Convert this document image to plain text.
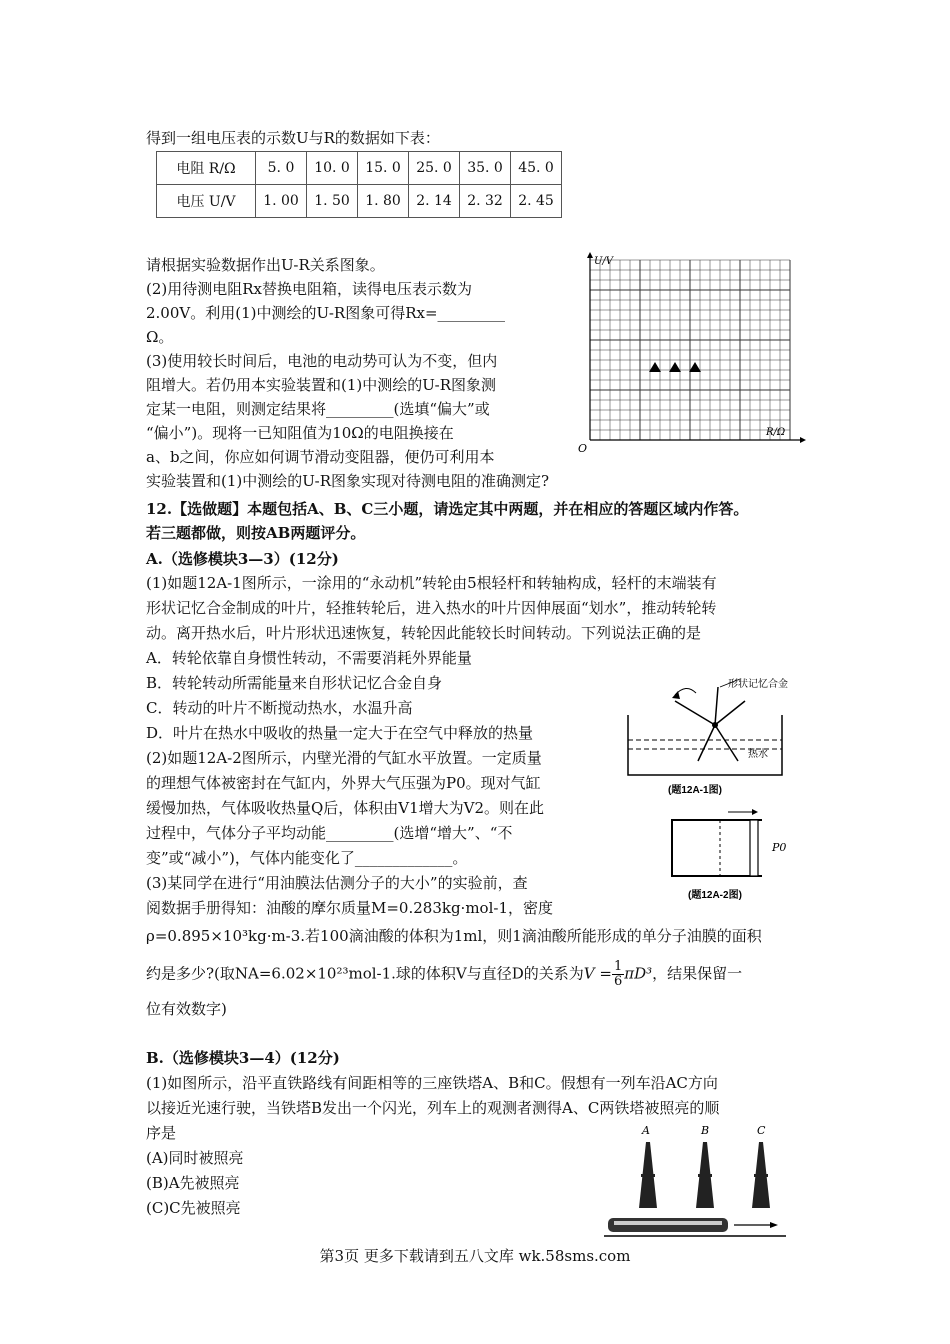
得到一组电压表的示数U与R的数据如下表：
电阻 R/Ω	5. 0	10. 0	15. 0	25. 0	35. 0	45. 0
电压 U/V	1. 00	1. 50	1. 80	2. 14	2. 32	2. 45
请根据实验数据作出U-R关系图象。
(2)用待测电阻Rx替换电阻箱，读得电压表示数为
2.00V。利用(1)中测绘的U-R图象可得Rx=_________
Ω。
(3)使用较长时间后，电池的电动势可认为不变，但内
阻增大。若仍用本实验装置和(1)中测绘的U-R图象测
定某一电阻，则测定结果将_________(选填“偏大”或
“偏小”)。现将一已知阻值为10Ω的电阻换接在
a、b之间，你应如何调节滑动变阻器，便仍可利用本
实验装置和(1)中测绘的U-R图象实现对待测电阻的准确测定?
U/V
R/Ω
O
12.【选做题】本题包括A、B、C三小题，请选定其中两题，并在相应的答题区域内作答。
若三题都做，则按AB两题评分。
A.（选修模块3—3）(12分)
(1)如题12A-1图所示，一涂用的“永动机”转轮由5根轻杆和转轴构成，轻杆的末端装有
形状记忆合金制成的叶片，轻推转轮后，进入热水的叶片因伸展面“划水”，推动转轮转
动。离开热水后，叶片形状迅速恢复，转轮因此能较长时间转动。下列说法正确的是
A．转轮依靠自身惯性转动，不需要消耗外界能量
B．转轮转动所需能量来自形状记忆合金自身
C．转动的叶片不断搅动热水，水温升高
D．叶片在热水中吸收的热量一定大于在空气中释放的热量
(2)如题12A-2图所示，内壁光滑的气缸水平放置。一定质量
的理想气体被密封在气缸内，外界大气压强为P0。现对气缸
缓慢加热，气体吸收热量Q后，体积由V1增大为V2。则在此
过程中，气体分子平均动能_________(选增“增大”、“不
变”或“减小”)，气体内能变化了_____________。
(3)某同学在进行“用油膜法估测分子的大小”的实验前，查
阅数据手册得知：油酸的摩尔质量M=0.283kg·mol-1，密度
ρ=0.895×10³kg·m-3.若100滴油酸的体积为1ml，则1滴油酸所能形成的单分子油膜的面积
约是多少?(取NA=6.02×10²³mol-1.球的体积V与直径D的关系为$V = \frac{1}{6} \pi D^3$，结果保留一
位有效数字)
形状记忆合金
热水
(题12A-1图)
P0
(题12A-2图)
B.（选修模块3—4）(12分)
(1)如图所示，沿平直铁路线有间距相等的三座铁塔A、B和C。假想有一列车沿AC方向
以接近光速行驶，当铁塔B发出一个闪光，列车上的观测者测得A、C两铁塔被照亮的顺
序是
(A)同时被照亮
(B)A先被照亮
(C)C先被照亮
A	B	C
第3页 更多下载请到五八文库 wk.58sms.com
